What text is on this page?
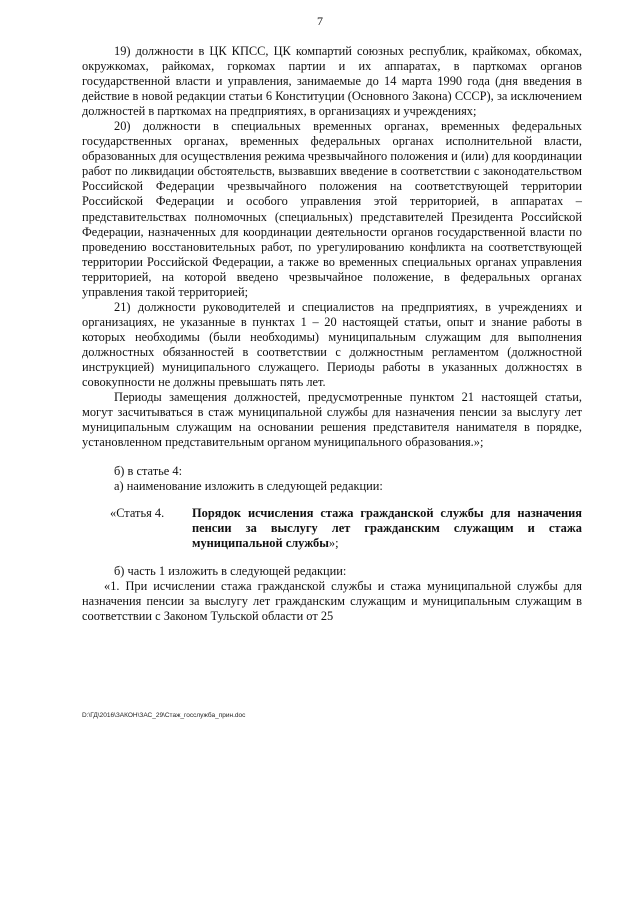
7

19) должности в ЦК КПСС, ЦК компартий союзных республик, крайкомах, обкомах, окружкомах, райкомах, горкомах партии и их аппаратах, в парткомах органов государственной власти и управления, занимаемые до 14 марта 1990 года (дня введения в действие в новой редакции статьи 6 Конституции (Основного Закона) СССР), за исключением должностей в парткомах на предприятиях, в организациях и учреждениях;

20) должности в специальных временных органах, временных федеральных государственных органах, временных федеральных органах исполнительной власти, образованных для осуществления режима чрезвычайного положения и (или) для координации работ по ликвидации обстоятельств, вызвавших введение в соответствии с законодательством Российской Федерации чрезвычайного положения на соответствующей территории Российской Федерации и особого управления этой территорией, в аппаратах – представительствах полномочных (специальных) представителей Президента Российской Федерации, назначенных для координации деятельности органов государственной власти по проведению восстановительных работ, по урегулированию конфликта на соответствующей территории Российской Федерации, а также во временных специальных органах управления территорией, на которой введено чрезвычайное положение, в федеральных органах управления такой территорией;

21) должности руководителей и специалистов на предприятиях, в учреждениях и организациях, не указанные в пунктах 1 – 20 настоящей статьи, опыт и знание работы в которых необходимы (были необходимы) муниципальным служащим для выполнения должностных обязанностей в соответствии с должностным регламентом (должностной инструкцией) муниципального служащего. Периоды работы в указанных должностях в совокупности не должны превышать пять лет.

Периоды замещения должностей, предусмотренные пунктом 21 настоящей статьи, могут засчитываться в стаж муниципальной службы для назначения пенсии за выслугу лет муниципальным служащим на основании решения представителя нанимателя в порядке, установленном представительным органом муниципального образования.»;

б) в статье 4:

а) наименование изложить в следующей редакции:

«Статья 4.	Порядок исчисления стажа гражданской службы для назначения пенсии за выслугу лет гражданским служащим и стажа муниципальной службы»;

б) часть 1 изложить в следующей редакции:

«1. При исчислении стажа гражданской службы и стажа муниципальной службы для назначения пенсии за выслугу лет гражданским служащим и муниципальным служащим в соответствии с Законом Тульской области от 25

D:\ГД\2016\ЗАКОН\ЗАС_29\Стаж_госслужба_прин.doc
